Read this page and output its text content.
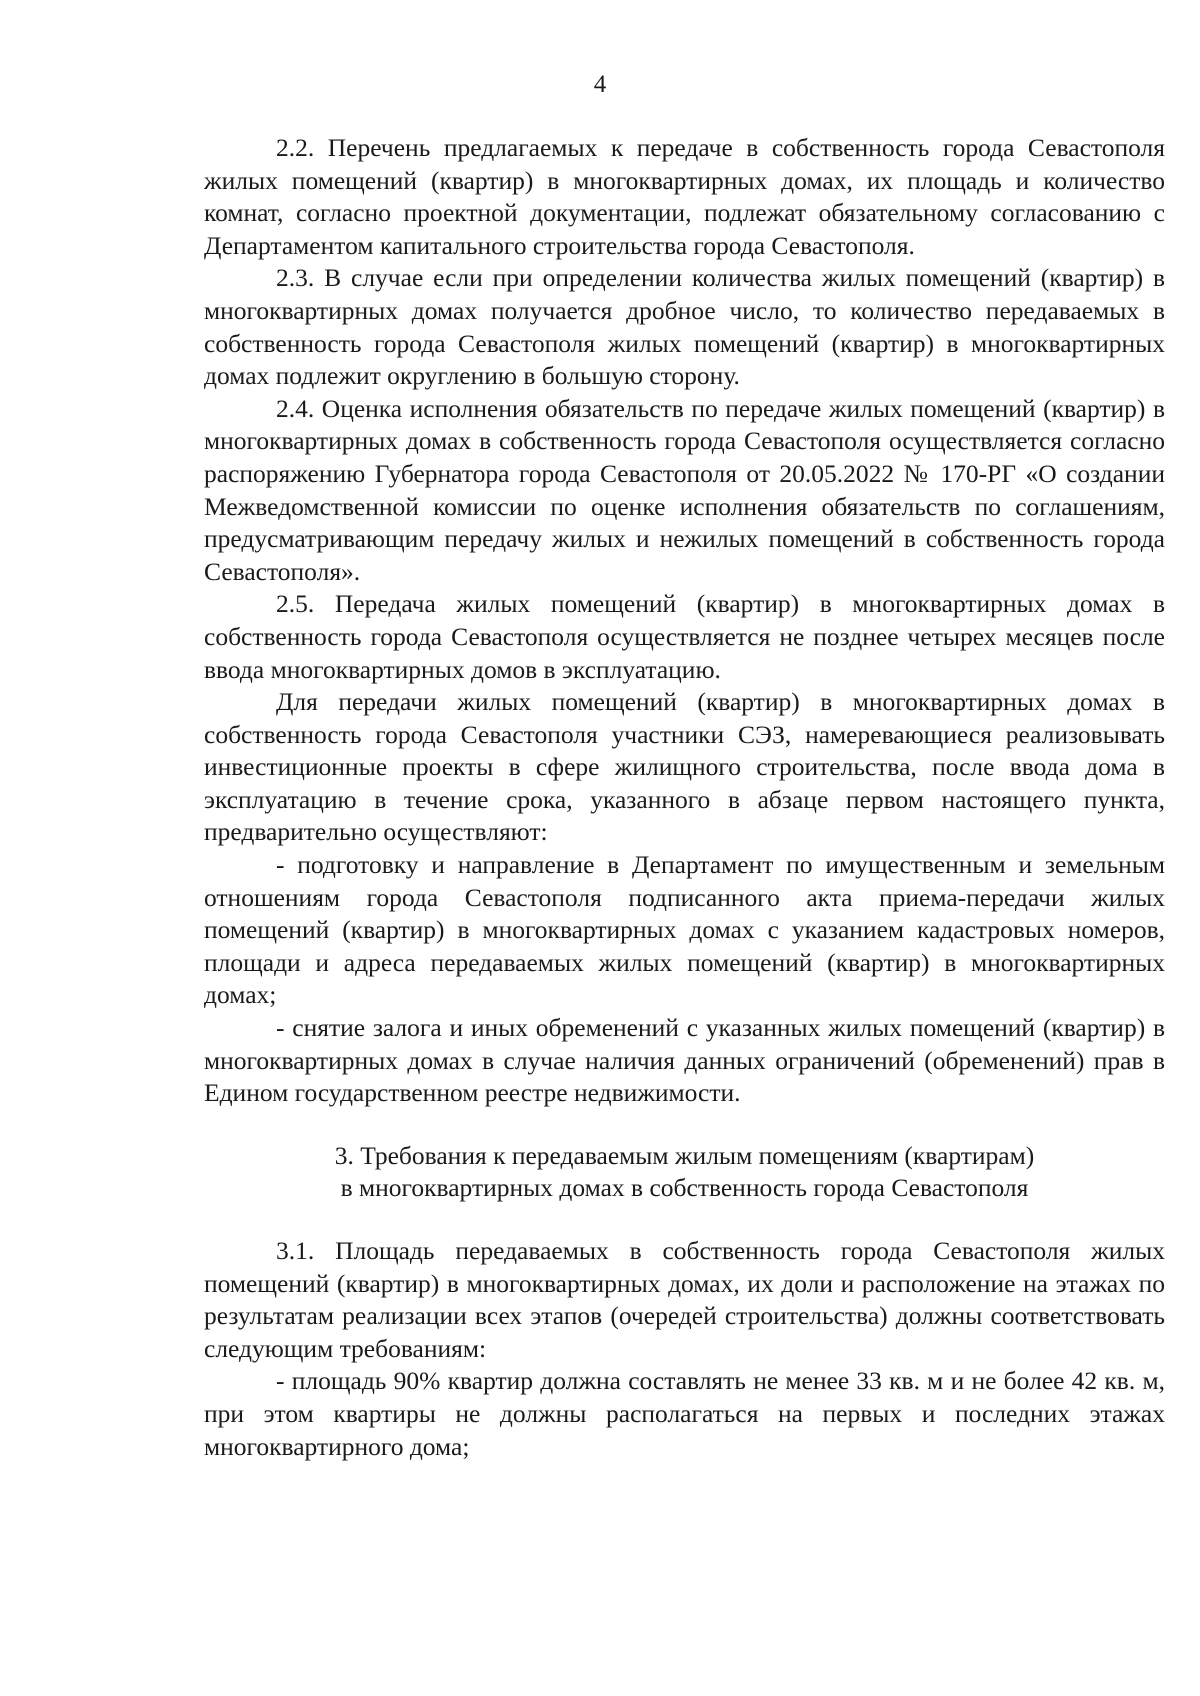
4

2.2. Перечень предлагаемых к передаче в собственность города Севастополя жилых помещений (квартир) в многоквартирных домах, их площадь и количество комнат, согласно проектной документации, подлежат обязательному согласованию с Департаментом капитального строительства города Севастополя.

2.3. В случае если при определении количества жилых помещений (квартир) в многоквартирных домах получается дробное число, то количество передаваемых в собственность города Севастополя жилых помещений (квартир) в многоквартирных домах подлежит округлению в большую сторону.

2.4. Оценка исполнения обязательств по передаче жилых помещений (квартир) в многоквартирных домах в собственность города Севастополя осуществляется согласно распоряжению Губернатора города Севастополя от 20.05.2022 № 170-РГ «О создании Межведомственной комиссии по оценке исполнения обязательств по соглашениям, предусматривающим передачу жилых и нежилых помещений в собственность города Севастополя».

2.5. Передача жилых помещений (квартир) в многоквартирных домах в собственность города Севастополя осуществляется не позднее четырех месяцев после ввода многоквартирных домов в эксплуатацию.

Для передачи жилых помещений (квартир) в многоквартирных домах в собственность города Севастополя участники СЭЗ, намеревающиеся реализовывать инвестиционные проекты в сфере жилищного строительства, после ввода дома в эксплуатацию в течение срока, указанного в абзаце первом настоящего пункта, предварительно осуществляют:

- подготовку и направление в Департамент по имущественным и земельным отношениям города Севастополя подписанного акта приема-передачи жилых помещений (квартир) в многоквартирных домах с указанием кадастровых номеров, площади и адреса передаваемых жилых помещений (квартир) в многоквартирных домах;

- снятие залога и иных обременений с указанных жилых помещений (квартир) в многоквартирных домах в случае наличия данных ограничений (обременений) прав в Едином государственном реестре недвижимости.

3. Требования к передаваемым жилым помещениям (квартирам)
в многоквартирных домах в собственность города Севастополя

3.1. Площадь передаваемых в собственность города Севастополя жилых помещений (квартир) в многоквартирных домах, их доли и расположение на этажах по результатам реализации всех этапов (очередей строительства) должны соответствовать следующим требованиям:

- площадь 90% квартир должна составлять не менее 33 кв. м и не более 42 кв. м, при этом квартиры не должны располагаться на первых и последних этажах многоквартирного дома;
